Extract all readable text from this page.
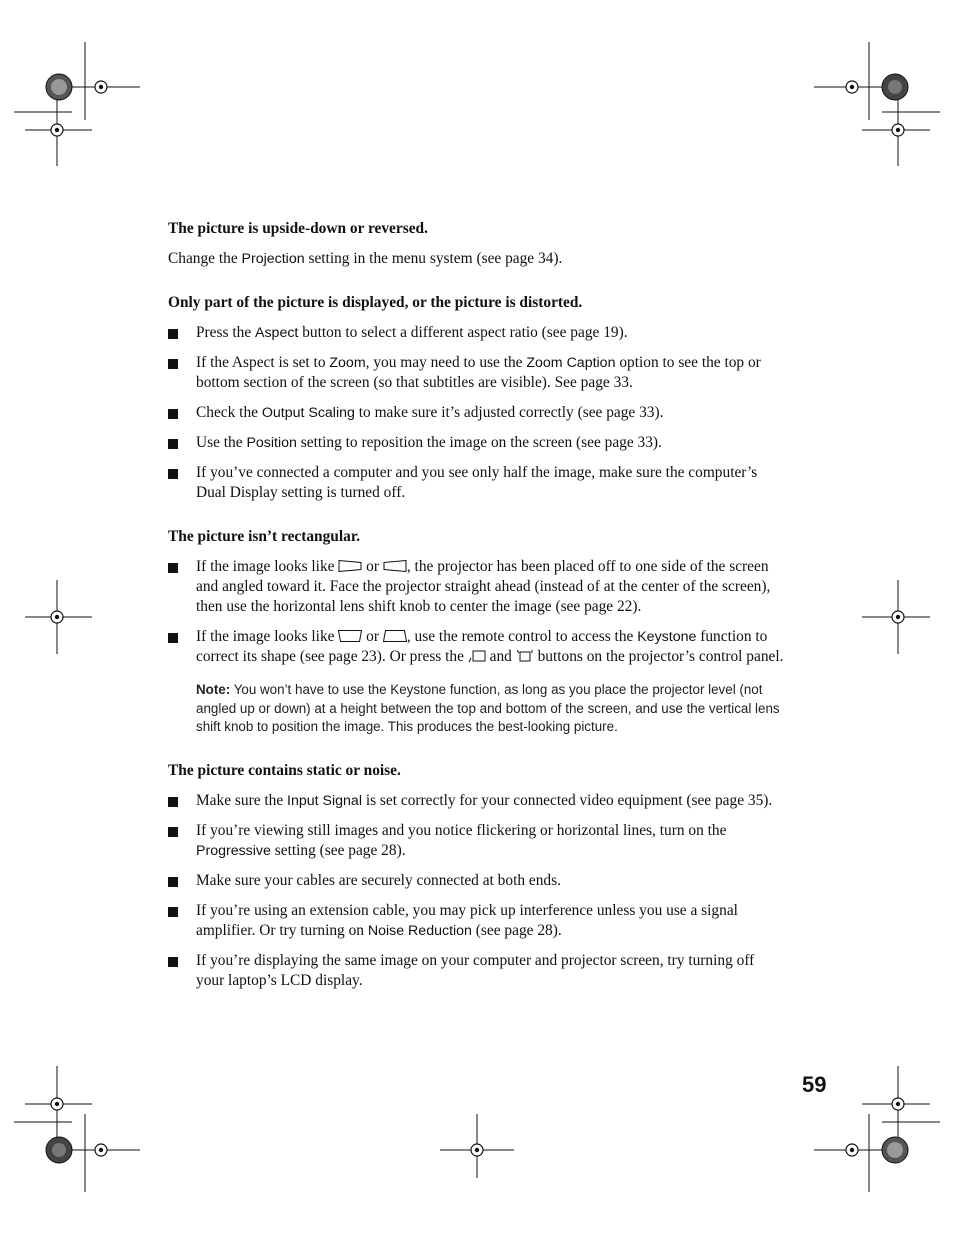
The picture is upside-down or reversed.

Change the Projection setting in the menu system (see page 34).

Only part of the picture is displayed, or the picture is distorted.

Press the Aspect button to select a different aspect ratio (see page 19).
If the Aspect is set to Zoom, you may need to use the Zoom Caption option to see the top or bottom section of the screen (so that subtitles are visible). See page 33.
Check the Output Scaling to make sure it’s adjusted correctly (see page 33).
Use the Position setting to reposition the image on the screen (see page 33).
If you’ve connected a computer and you see only half the image, make sure the computer’s Dual Display setting is turned off.

The picture isn’t rectangular.

If the image looks like
or
, the projector has been placed off to one side of the screen and angled toward it. Face the projector straight ahead (instead of at the center of the screen), then use the horizontal lens shift knob to center the image (see page 22).
If the image looks like
or
, use the remote control to access the Keystone function to correct its shape (see page 23). Or press the  and  buttons on the projector’s control panel.

Note: You won’t have to use the Keystone function, as long as you place the projector level (not angled up or down) at a height between the top and bottom of the screen, and use the vertical lens shift knob to position the image. This produces the best-looking picture.

The picture contains static or noise.

Make sure the Input Signal is set correctly for your connected video equipment (see page 35).
If you’re viewing still images and you notice flickering or horizontal lines, turn on the Progressive setting (see page 28).
Make sure your cables are securely connected at both ends.
If you’re using an extension cable, you may pick up interference unless you use a signal amplifier. Or try turning on Noise Reduction (see page 28).
If you’re displaying the same image on your computer and projector screen, try turning off your laptop’s LCD display.
59
